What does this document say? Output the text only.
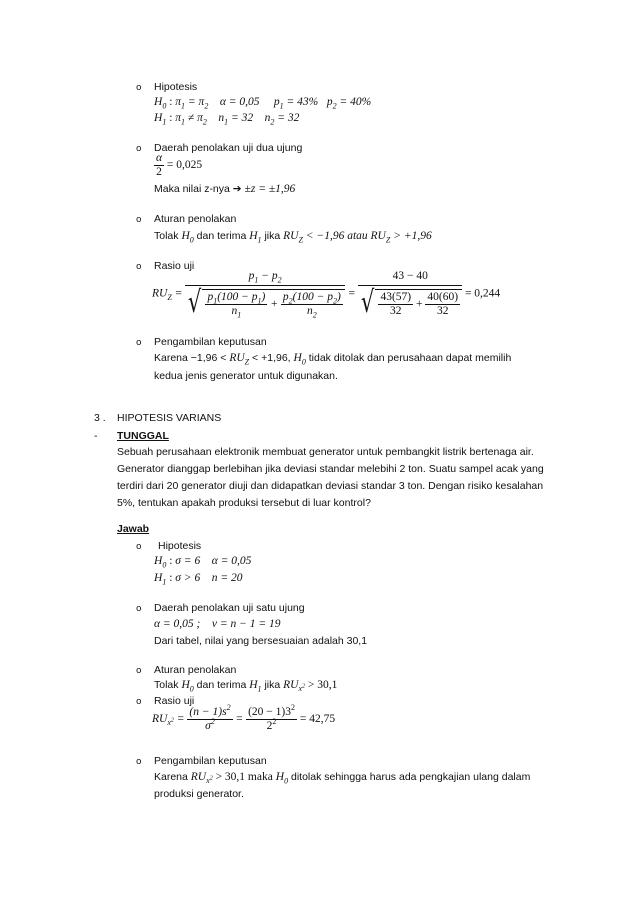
o Hipotesis
$H_0$ : $\pi_1 = \pi_2$    α = 0,05     $p_1 = 43\%$   $p_2 = 40\%$
$H_1$ : $\pi_1 \ne \pi_2$    $n_1 = 32$    $n_2 = 32$
o Daerah penolakan uji dua ujung
$\frac{\alpha}{2} = 0,025$
Maka nilai z-nya ➔ ±z = ±1,96
o Aturan penolakan
Tolak $H_0$ dan terima $H_1$ jika $RU_Z < -1,96$ atau $RU_Z > +1,96$
o Rasio uji
$RU_Z = \frac{p_1 - p_2}{√ \frac{p_1(100 - p_1)}{n_1} + \frac{p_2(100 - p_2)}{n_2}} = \frac{43 - 40}{√ \frac{43(57)}{32} + \frac{40(60)}{32}} = 0,244$
o Pengambilan keputusan
Karena $-1,96 < RU_Z < +1,96$, $H_0$ tidak ditolak dan perusahaan dapat memilih
kedua jenis generator untuk digunakan.
3 . HIPOTESIS VARIANS
- TUNGGAL
Sebuah perusahaan elektronik membuat generator untuk pembangkit listrik bertenaga air.
Generator dianggap berlebihan jika deviasi standar melebihi 2 ton. Suatu sampel acak yang
terdiri dari 20 generator diuji dan didapatkan deviasi standar 3 ton. Dengan risiko kesalahan
5%, tentukan apakah produksi tersebut di luar kontrol?
Jawab
o Hipotesis
$H_0$ : σ = 6    α = 0,05
$H_1$ : σ > 6    n = 20
o Daerah penolakan uji satu ujung
α = 0,05 ;    v = n − 1 = 19
Dari tabel, nilai yang bersesuaian adalah 30,1
o Aturan penolakan
Tolak $H_0$ dan terima $H_1$ jika $RU_{x^2} > 30,1$
o Rasio uji
$RU_{x^2} = \frac{(n - 1)s^2}{\sigma^2} = \frac{(20 - 1)3^2}{2^2} = 42,75$
o Pengambilan keputusan
Karena $RU_{x^2} > 30,1$ maka $H_0$ ditolak sehingga harus ada pengkajian ulang dalam
produksi generator.
